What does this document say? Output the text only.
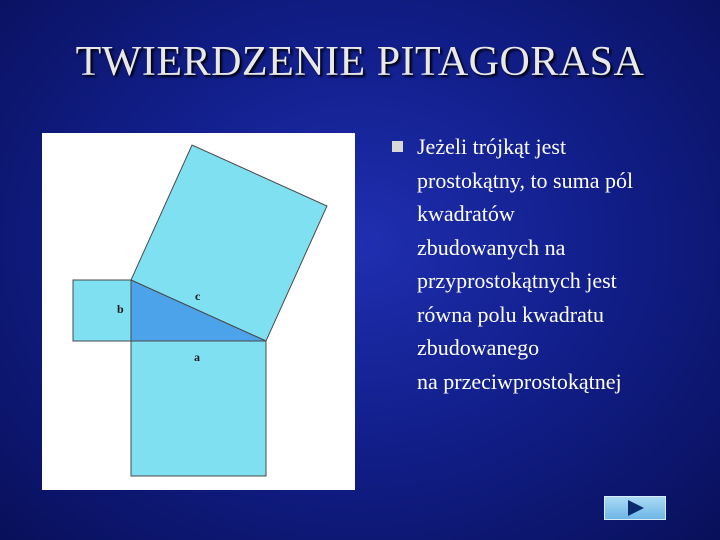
TWIERDZENIE PITAGORASA
b
c
a
Jeżeli trójkąt jest
prostokątny, to suma pól
kwadratów
zbudowanych na
przyprostokątnych jest
równa polu kwadratu
zbudowanego
na przeciwprostokątnej
